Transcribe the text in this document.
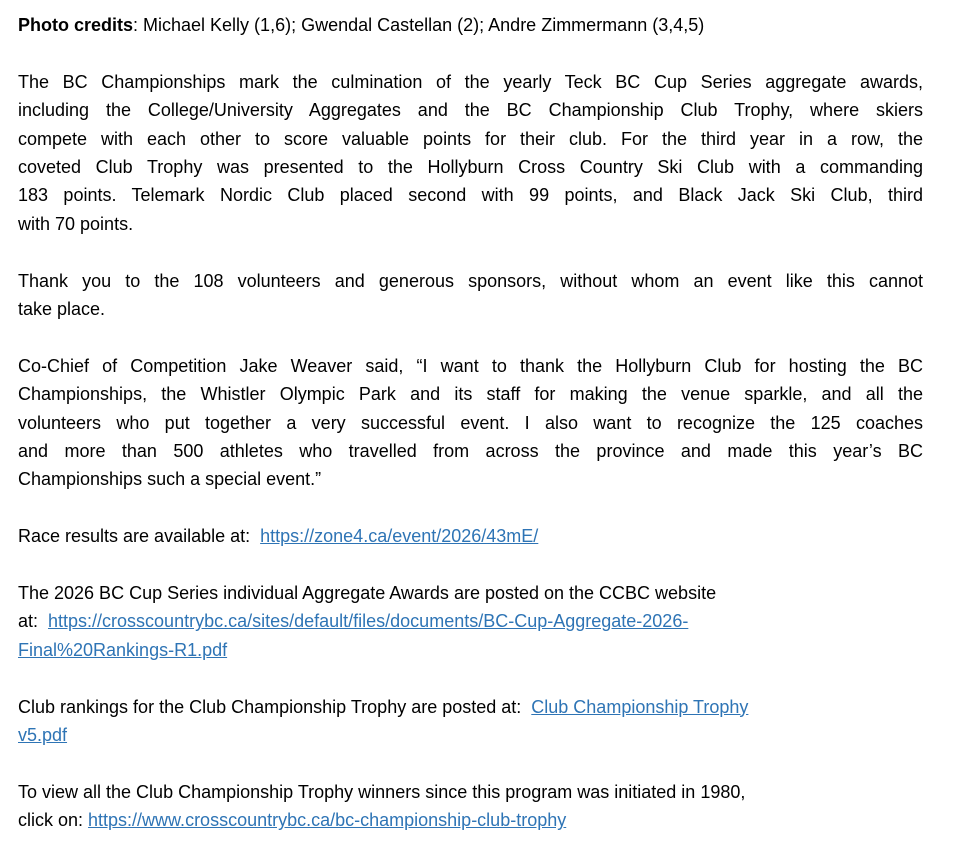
Photo credits: Michael Kelly (1,6); Gwendal Castellan (2); Andre Zimmermann (3,4,5)
The BC Championships mark the culmination of the yearly Teck BC Cup Series aggregate awards,
including the College/University Aggregates and the BC Championship Club Trophy, where skiers
compete with each other to score valuable points for their club. For the third year in a row, the
coveted Club Trophy was presented to the Hollyburn Cross Country Ski Club with a commanding
183 points. Telemark Nordic Club placed second with 99 points, and Black Jack Ski Club, third
with 70 points.
Thank you to the 108 volunteers and generous sponsors, without whom an event like this cannot
take place.
Co-Chief of Competition Jake Weaver said, “I want to thank the Hollyburn Club for hosting the BC
Championships, the Whistler Olympic Park and its staff for making the venue sparkle, and all the
volunteers who put together a very successful event. I also want to recognize the 125 coaches
and more than 500 athletes who travelled from across the province and made this year’s BC
Championships such a special event.”
Race results are available at:  https://zone4.ca/event/2026/43mE/
The 2026 BC Cup Series individual Aggregate Awards are posted on the CCBC website
at:  https://crosscountrybc.ca/sites/default/files/documents/BC-Cup-Aggregate-2026-
Final%20Rankings-R1.pdf
Club rankings for the Club Championship Trophy are posted at:  Club Championship Trophy
v5.pdf
To view all the Club Championship Trophy winners since this program was initiated in 1980,
click on: https://www.crosscountrybc.ca/bc-championship-club-trophy
